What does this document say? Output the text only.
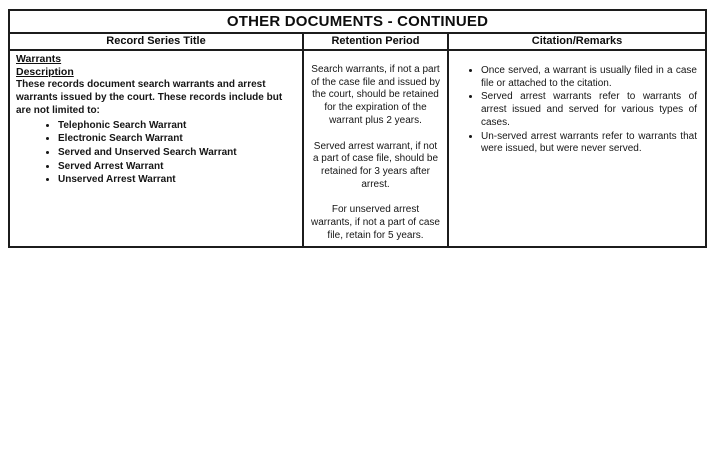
OTHER DOCUMENTS - CONTINUED
Record Series Title	Retention Period	Citation/Remarks
Warrants
Description

These records document search warrants and arrest warrants issued by the court. These records include but are not limited to:

• Telephonic Search Warrant
• Electronic Search Warrant
• Served and Unserved Search Warrant
• Served Arrest Warrant
• Unserved Arrest Warrant

Search warrants, if not a part of the case file and issued by the court, should be retained for the expiration of the warrant plus 2 years.

Served arrest warrant, if not a part of case file, should be retained for 3 years after arrest.

For unserved arrest warrants, if not a part of case file, retain for 5 years.

• Once served, a warrant is usually filed in a case file or attached to the citation.
• Served arrest warrants refer to warrants of arrest issued and served for various types of cases.
• Un-served arrest warrants refer to warrants that were issued, but were never served.
